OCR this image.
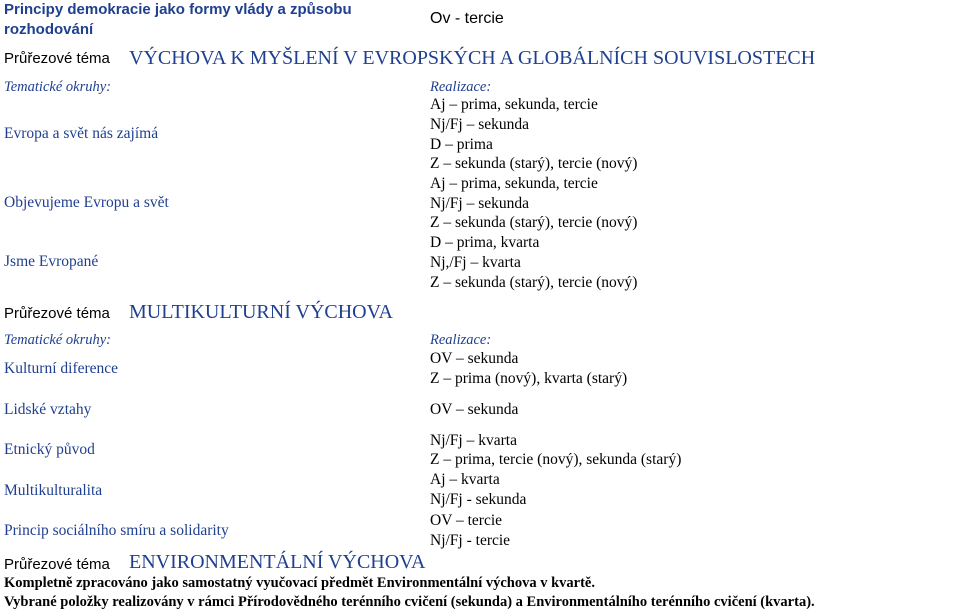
Principy demokracie jako formy vlády a způsobu
rozhodování
Ov - tercie
Průřezové téma VÝCHOVA K MYŠLENÍ V EVROPSKÝCH A GLOBÁLNÍCH SOUVISLOSTECH
Tematické okruhy:	Realizace:
Evropa a svět nás zajímá
Objevujeme Evropu a svět
Jsme Evropané
Aj – prima, sekunda, tercie
Nj/Fj – sekunda
D – prima
Z – sekunda (starý), tercie (nový)
Aj – prima, sekunda, tercie
Nj/Fj – sekunda
Z – sekunda (starý), tercie (nový)
D – prima, kvarta
Nj,/Fj – kvarta
Z – sekunda (starý), tercie (nový)
Průřezové téma MULTIKULTURNÍ VÝCHOVA
Tematické okruhy:	Realizace:
Kulturní diference
Lidské vztahy
Etnický původ
Multikulturalita
Princip sociálního smíru a solidarity
OV – sekunda
Z – prima (nový), kvarta (starý)
OV – sekunda
Nj/Fj – kvarta
Z – prima, tercie (nový), sekunda (starý)
Aj – kvarta
Nj/Fj - sekunda
OV – tercie
Nj/Fj - tercie
Průřezové téma ENVIRONMENTÁLNÍ VÝCHOVA
Kompletně zpracováno jako samostatný vyučovací předmět Environmentální výchova v kvartě.
Vybrané položky realizovány v rámci Přírodovědného terénního cvičení (sekunda) a Environmentálního terénního cvičení (kvarta).
